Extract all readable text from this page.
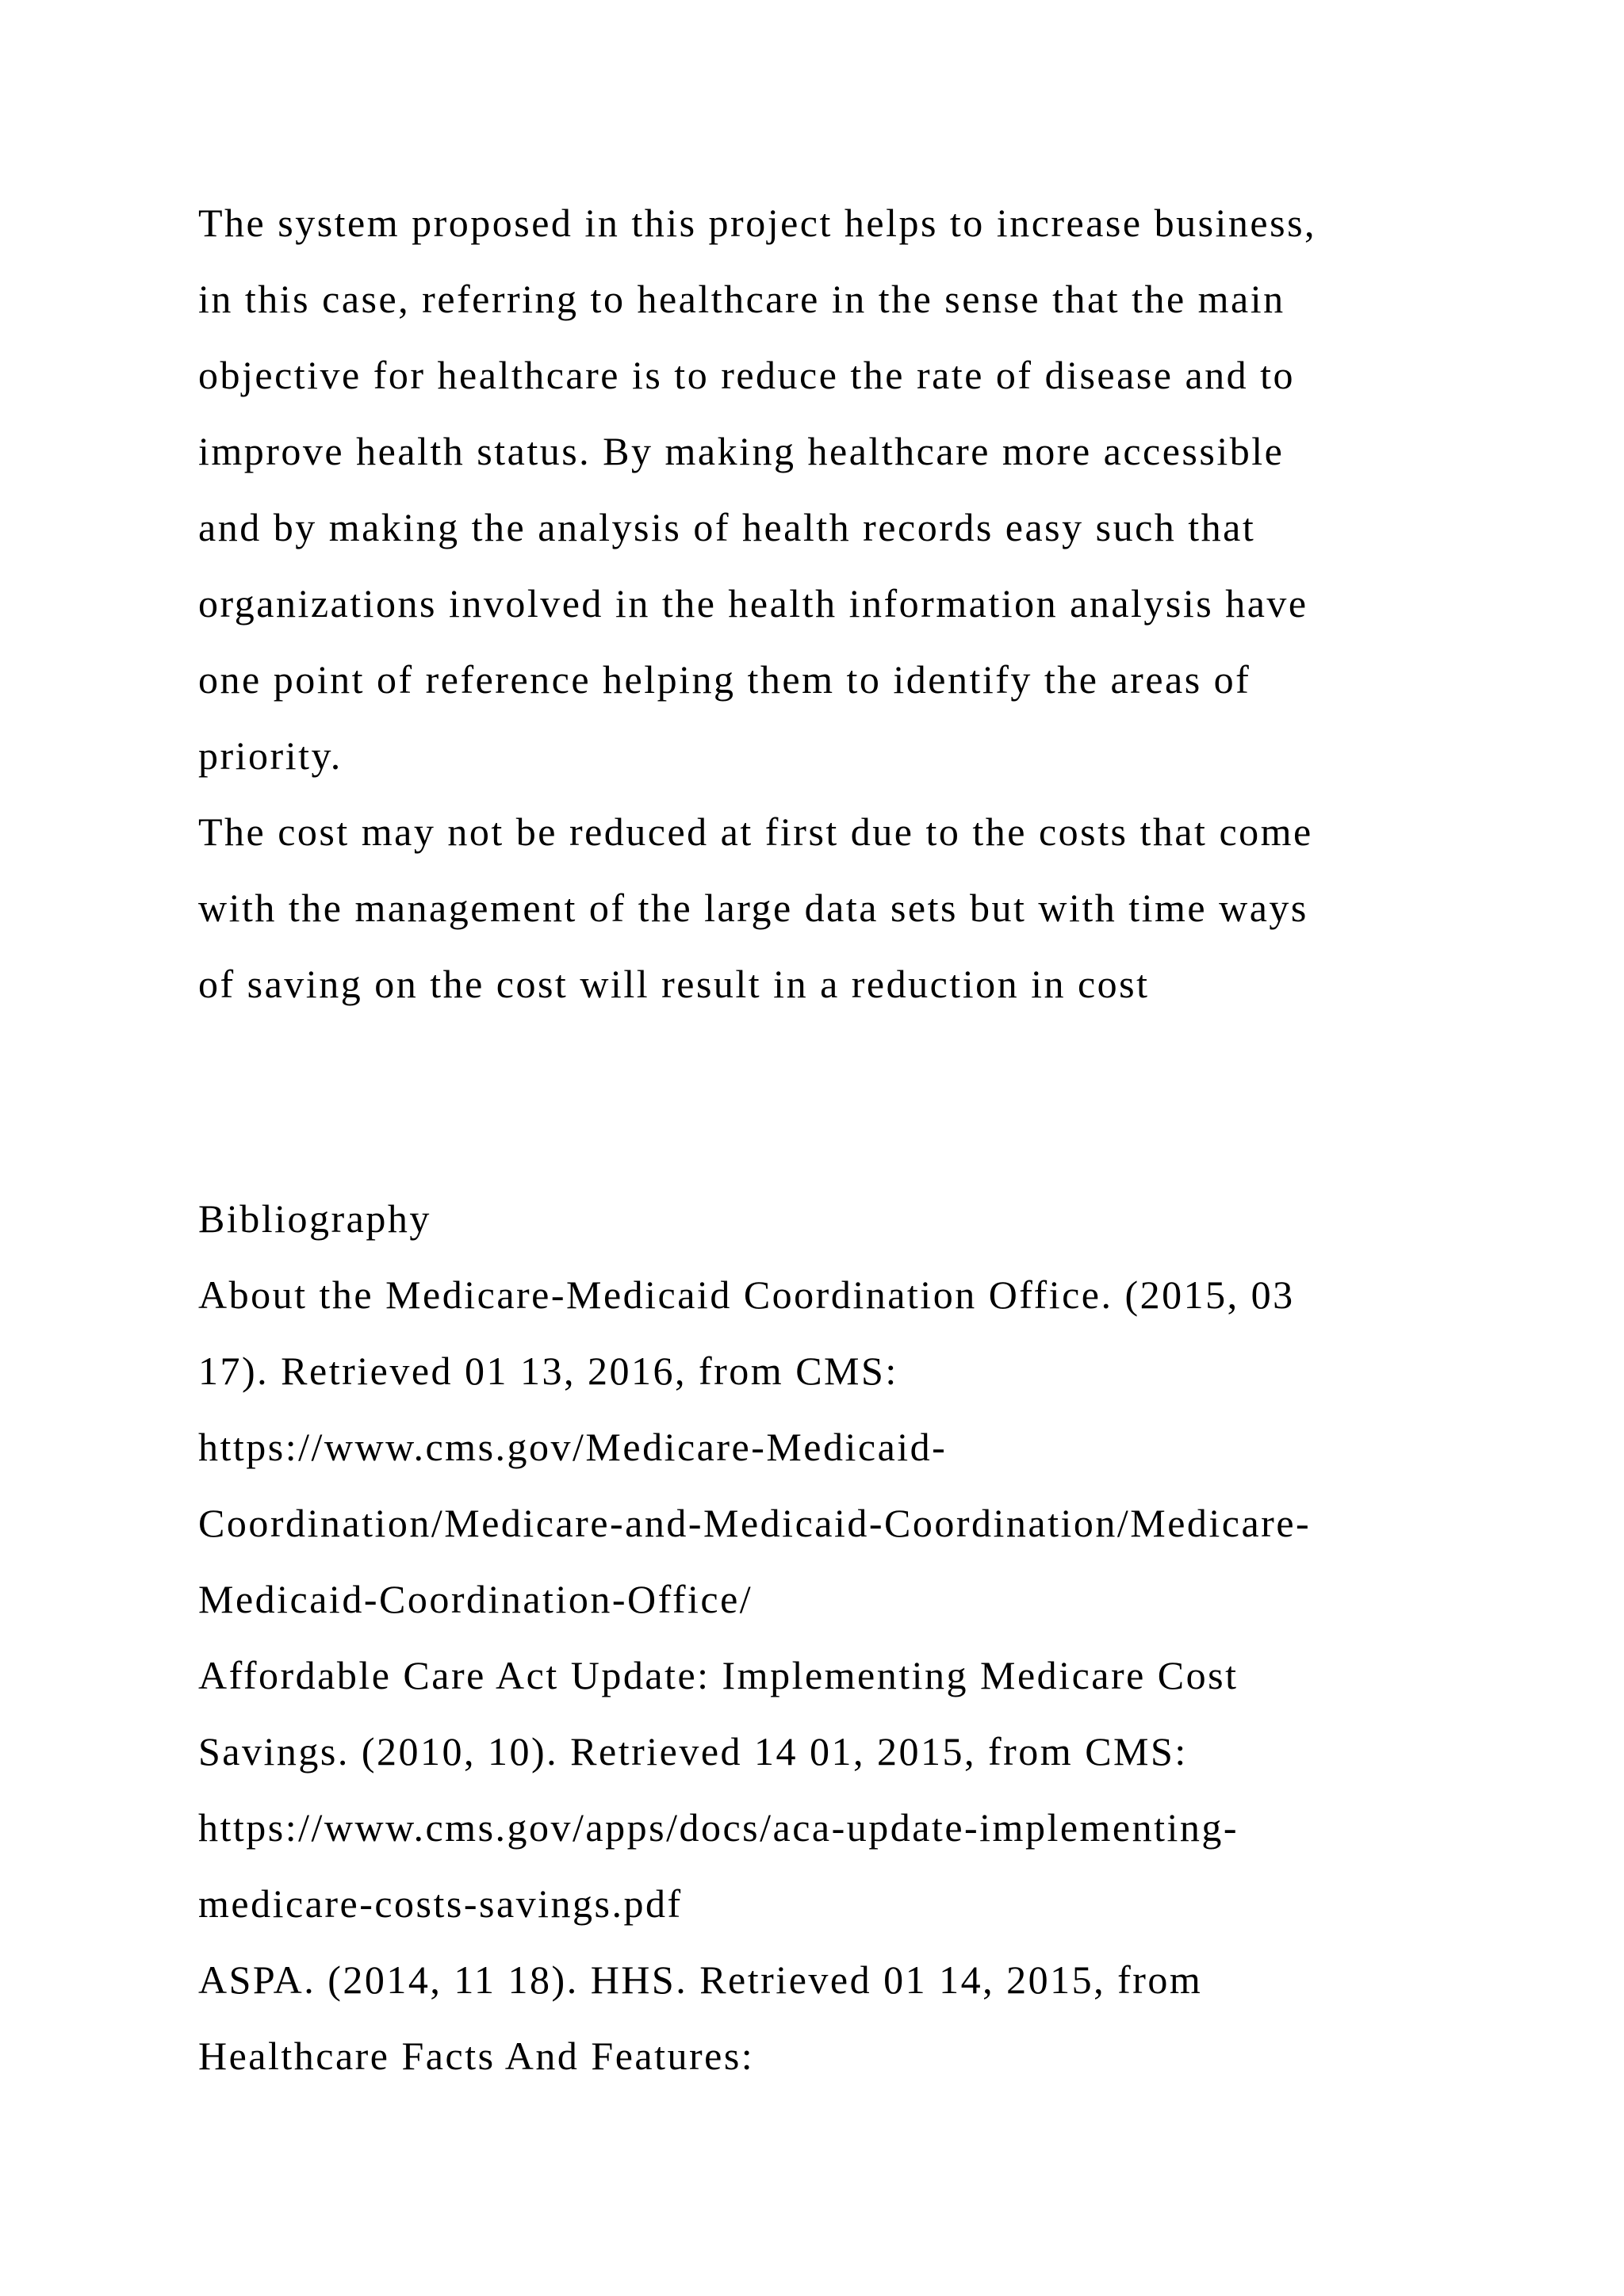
The system proposed in this project helps to increase business,
in this case, referring to healthcare in the sense that the main
objective for healthcare is to reduce the rate of disease and to
improve health status. By making healthcare more accessible
and by making the analysis of health records easy such that
organizations involved in the health information analysis have
one point of reference helping them to identify the areas of
priority.
The cost may not be reduced at first due to the costs that come
with the management of the large data sets but with time ways
of saving on the cost will result in a reduction in cost
Bibliography
About the Medicare-Medicaid Coordination Office. (2015, 03
17). Retrieved 01 13, 2016, from CMS:
https://www.cms.gov/Medicare-Medicaid-
Coordination/Medicare-and-Medicaid-Coordination/Medicare-
Medicaid-Coordination-Office/
Affordable Care Act Update: Implementing Medicare Cost
Savings. (2010, 10). Retrieved 14 01, 2015, from CMS:
https://www.cms.gov/apps/docs/aca-update-implementing-
medicare-costs-savings.pdf
ASPA. (2014, 11 18). HHS. Retrieved 01 14, 2015, from
Healthcare Facts And Features:
